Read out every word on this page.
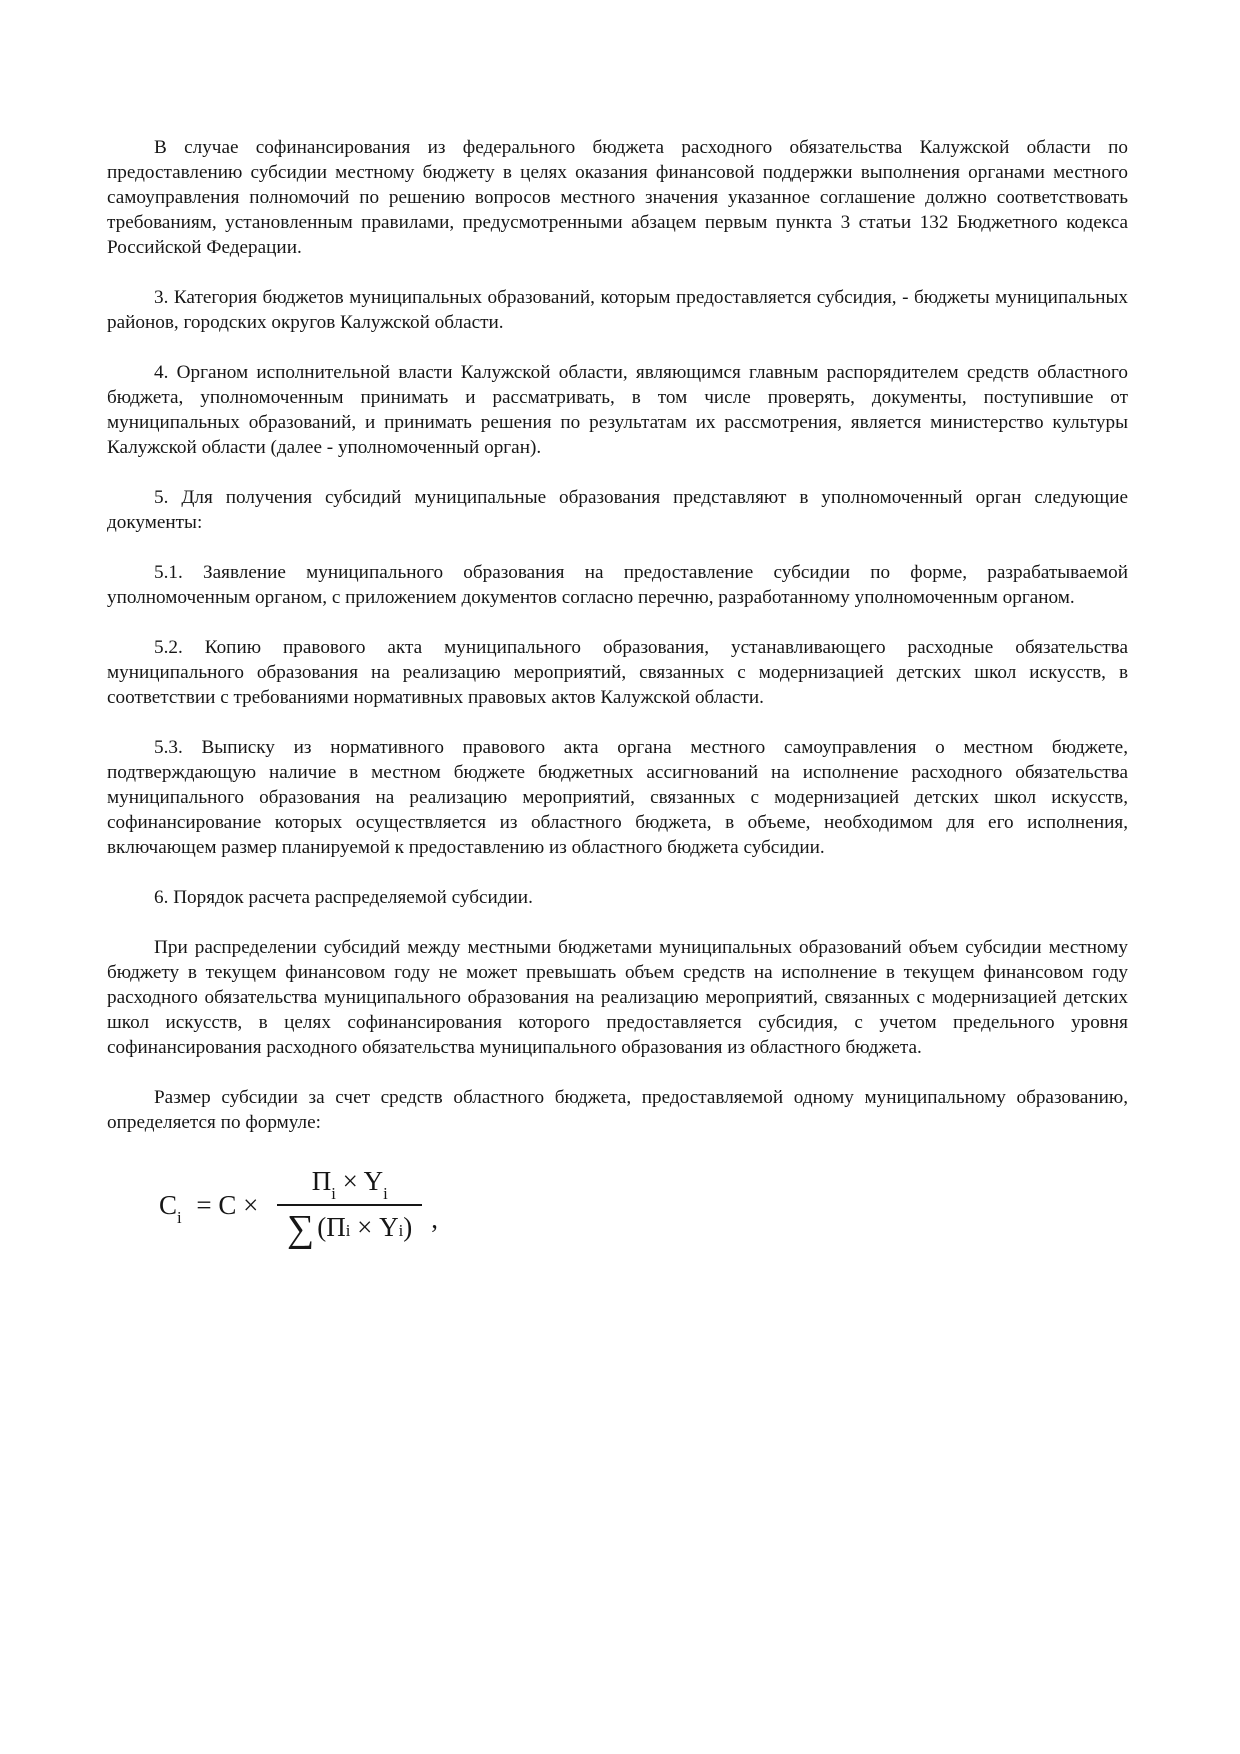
В случае софинансирования из федерального бюджета расходного обязательства Калужской области по предоставлению субсидии местному бюджету в целях оказания финансовой поддержки выполнения органами местного самоуправления полномочий по решению вопросов местного значения указанное соглашение должно соответствовать требованиям, установленным правилами, предусмотренными абзацем первым пункта 3 статьи 132 Бюджетного кодекса Российской Федерации.

3. Категория бюджетов муниципальных образований, которым предоставляется субсидия, - бюджеты муниципальных районов, городских округов Калужской области.

4. Органом исполнительной власти Калужской области, являющимся главным распорядителем средств областного бюджета, уполномоченным принимать и рассматривать, в том числе проверять, документы, поступившие от муниципальных образований, и принимать решения по результатам их рассмотрения, является министерство культуры Калужской области (далее - уполномоченный орган).

5. Для получения субсидий муниципальные образования представляют в уполномоченный орган следующие документы:

5.1. Заявление муниципального образования на предоставление субсидии по форме, разрабатываемой уполномоченным органом, с приложением документов согласно перечню, разработанному уполномоченным органом.

5.2. Копию правового акта муниципального образования, устанавливающего расходные обязательства муниципального образования на реализацию мероприятий, связанных с модернизацией детских школ искусств, в соответствии с требованиями нормативных правовых актов Калужской области.

5.3. Выписку из нормативного правового акта органа местного самоуправления о местном бюджете, подтверждающую наличие в местном бюджете бюджетных ассигнований на исполнение расходного обязательства муниципального образования на реализацию мероприятий, связанных с модернизацией детских школ искусств, софинансирование которых осуществляется из областного бюджета, в объеме, необходимом для его исполнения, включающем размер планируемой к предоставлению из областного бюджета субсидии.

6. Порядок расчета распределяемой субсидии.

При распределении субсидий между местными бюджетами муниципальных образований объем субсидии местному бюджету в текущем финансовом году не может превышать объем средств на исполнение в текущем финансовом году расходного обязательства муниципального образования на реализацию мероприятий, связанных с модернизацией детских школ искусств, в целях софинансирования которого предоставляется субсидия, с учетом предельного уровня софинансирования расходного обязательства муниципального образования из областного бюджета.

Размер субсидии за счет средств областного бюджета, предоставляемой одному муниципальному образованию, определяется по формуле:

$C_i = C \times \frac{П_i \times Y_i}{\sum ( П_i \times Y_i )}$ ,
